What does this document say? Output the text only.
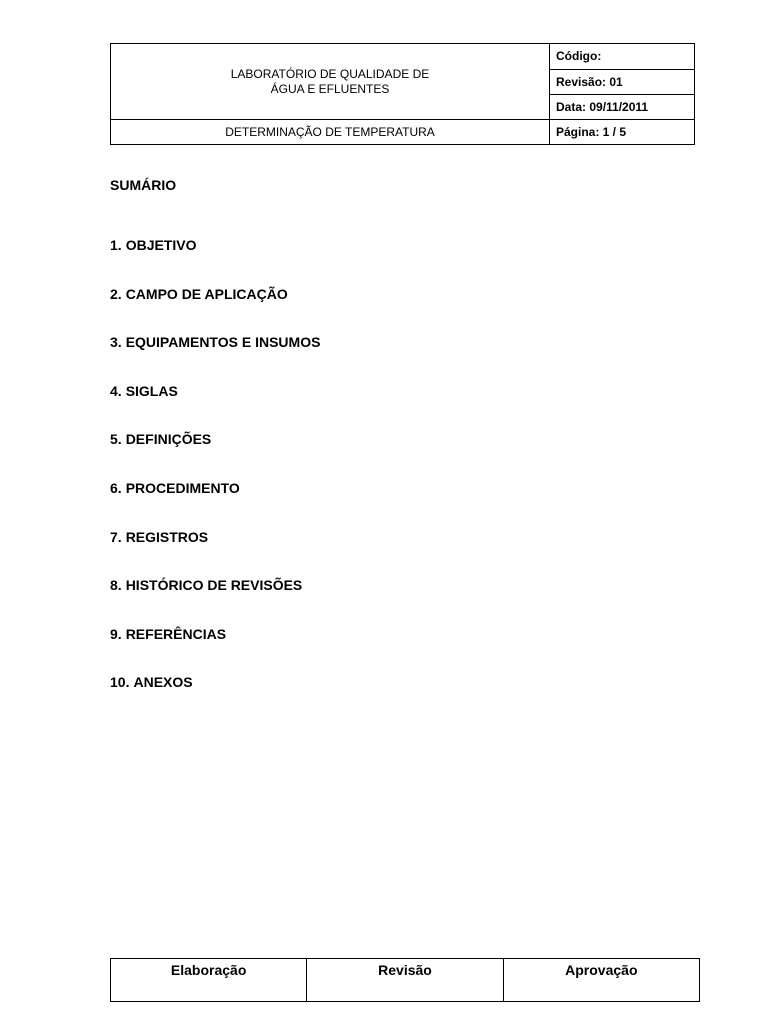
LABORATÓRIO DE QUALIDADE DE
ÁGUA E EFLUENTES	Código:
	Revisão: 01
	Data: 09/11/2011
DETERMINAÇÃO DE TEMPERATURA	Página: 1 / 5
SUMÁRIO
1. OBJETIVO
2. CAMPO DE APLICAÇÃO
3. EQUIPAMENTOS E INSUMOS
4. SIGLAS
5. DEFINIÇÕES
6. PROCEDIMENTO
7. REGISTROS
8. HISTÓRICO DE REVISÕES
9. REFERÊNCIAS
10. ANEXOS
Elaboração	Revisão	Aprovação
